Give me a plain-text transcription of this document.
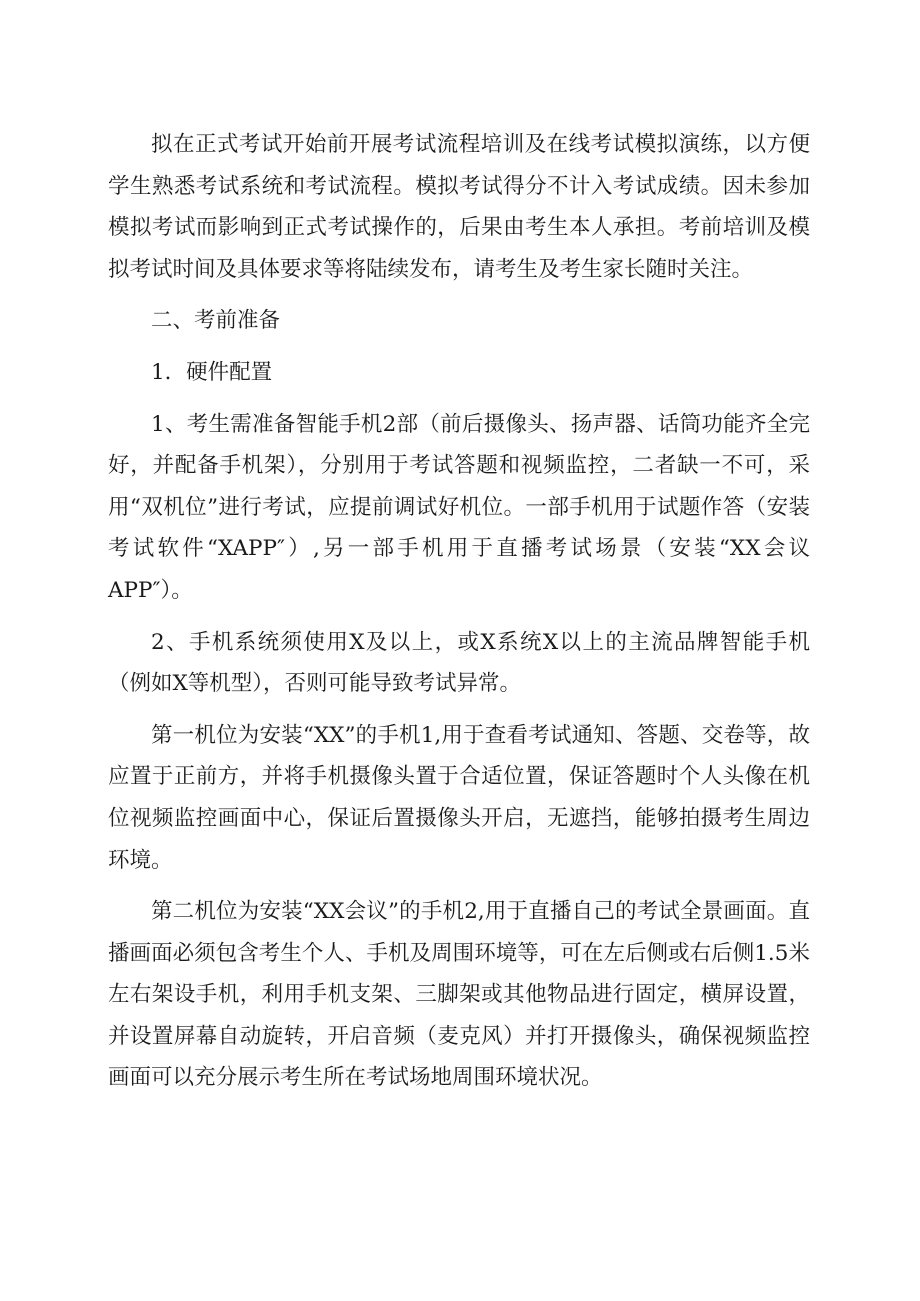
拟在正式考试开始前开展考试流程培训及在线考试模拟演练，以方便学生熟悉考试系统和考试流程。模拟考试得分不计入考试成绩。因未参加模拟考试而影响到正式考试操作的，后果由考生本人承担。考前培训及模拟考试时间及具体要求等将陆续发布，请考生及考生家长随时关注。

二、考前准备

1．硬件配置

1、考生需准备智能手机2部（前后摄像头、扬声器、话筒功能齐全完好，并配备手机架），分别用于考试答题和视频监控，二者缺一不可，采用“双机位”进行考试，应提前调试好机位。一部手机用于试题作答（安装考试软件“XAPP″）,另一部手机用于直播考试场景（安装“XX会议APP″）。

2、手机系统须使用X及以上，或X系统X以上的主流品牌智能手机（例如X等机型），否则可能导致考试异常。

第一机位为安装“XX”的手机1,用于查看考试通知、答题、交卷等，故应置于正前方，并将手机摄像头置于合适位置，保证答题时个人头像在机位视频监控画面中心，保证后置摄像头开启，无遮挡，能够拍摄考生周边环境。

第二机位为安装“XX会议”的手机2,用于直播自己的考试全景画面。直播画面必须包含考生个人、手机及周围环境等，可在左后侧或右后侧1.5米左右架设手机，利用手机支架、三脚架或其他物品进行固定，横屏设置，并设置屏幕自动旋转，开启音频（麦克风）并打开摄像头，确保视频监控画面可以充分展示考生所在考试场地周围环境状况。
